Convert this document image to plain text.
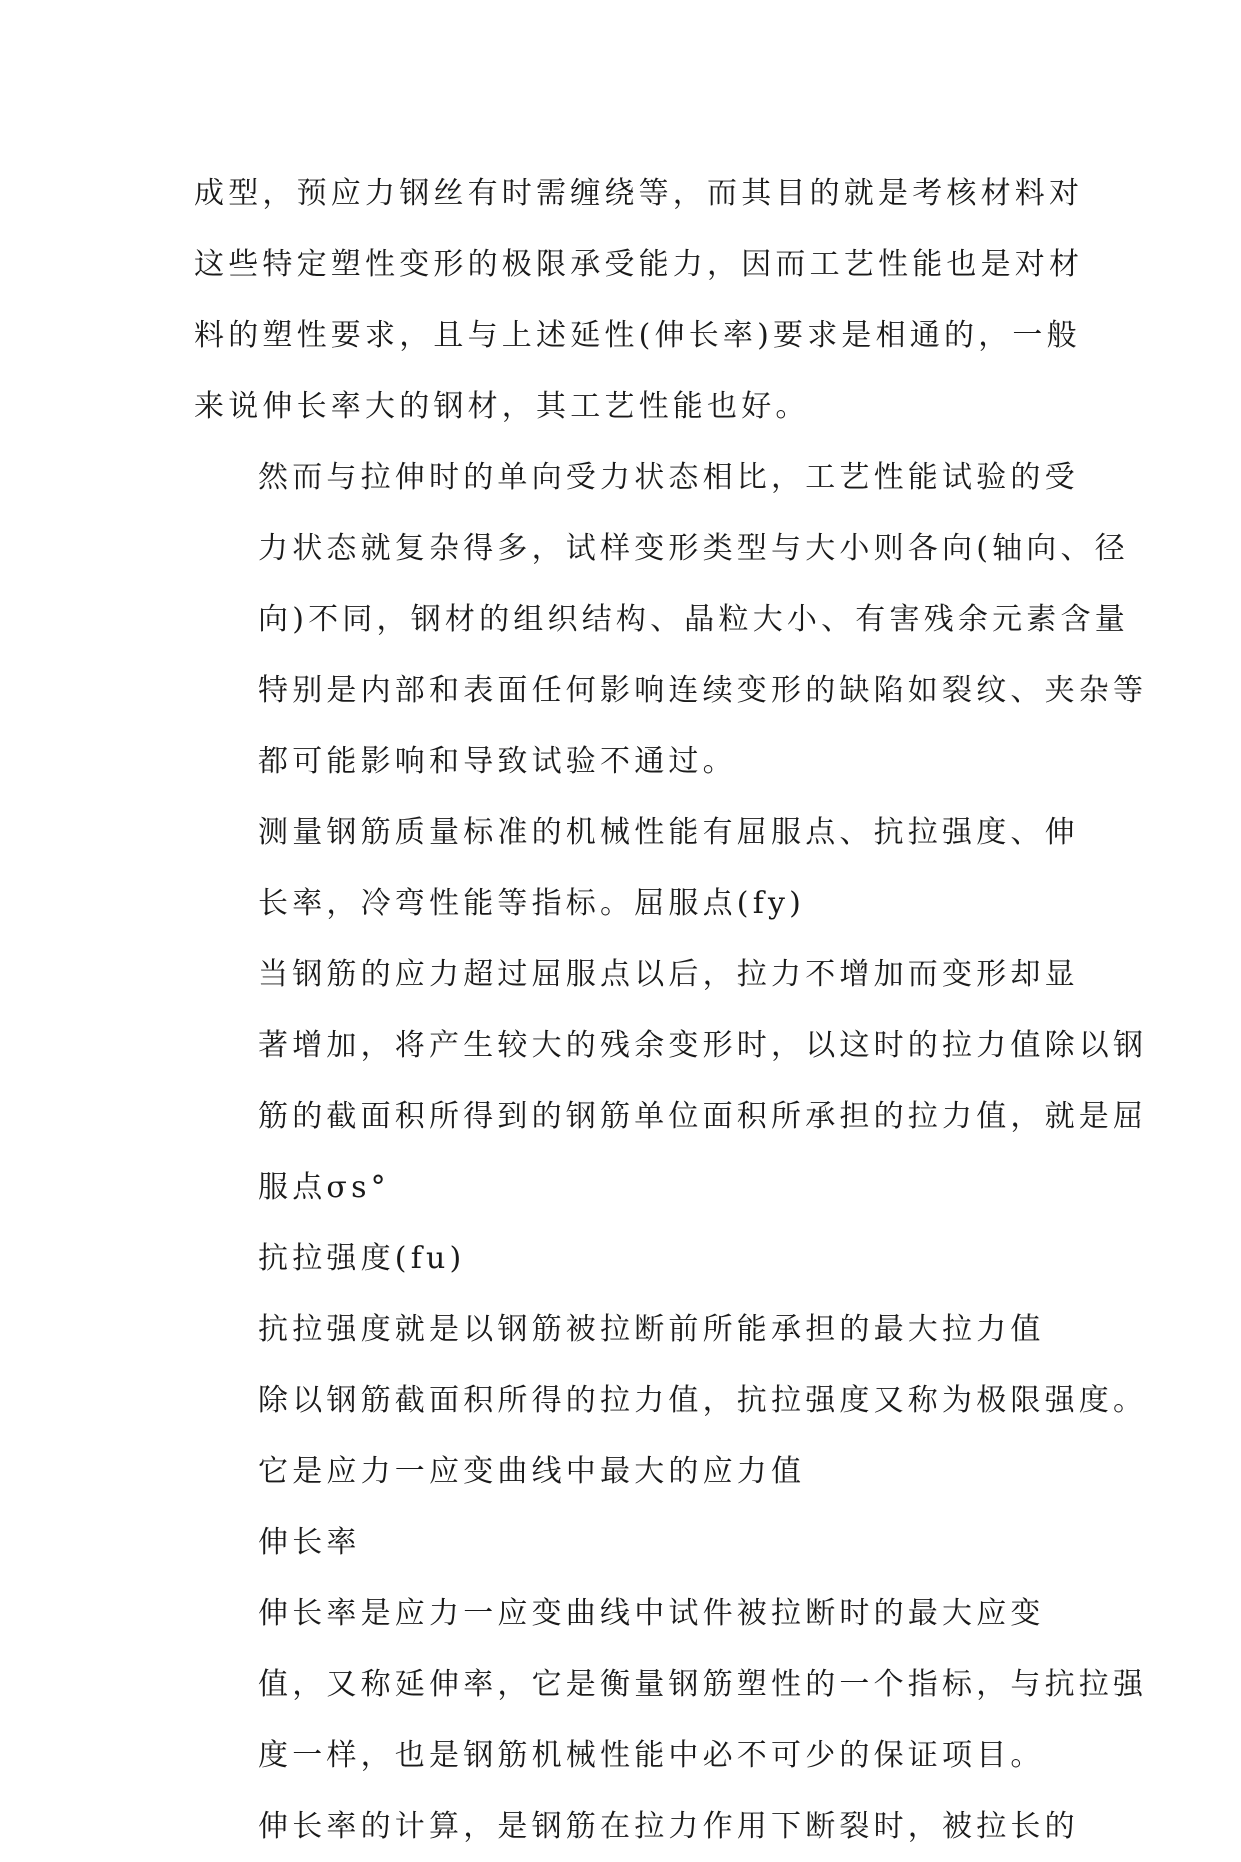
成型，预应力钢丝有时需缠绕等，而其目的就是考核材料对
这些特定塑性变形的极限承受能力，因而工艺性能也是对材
料的塑性要求，且与上述延性(伸长率)要求是相通的，一般
来说伸长率大的钢材，其工艺性能也好。
然而与拉伸时的单向受力状态相比，工艺性能试验的受
力状态就复杂得多，试样变形类型与大小则各向(轴向、径
向)不同，钢材的组织结构、晶粒大小、有害残余元素含量
特别是内部和表面任何影响连续变形的缺陷如裂纹、夹杂等
都可能影响和导致试验不通过。
测量钢筋质量标准的机械性能有屈服点、抗拉强度、伸
长率，冷弯性能等指标。屈服点(fy)
当钢筋的应力超过屈服点以后，拉力不增加而变形却显
著增加，将产生较大的残余变形时，以这时的拉力值除以钢
筋的截面积所得到的钢筋单位面积所承担的拉力值，就是屈
服点σs°
抗拉强度(fu)
抗拉强度就是以钢筋被拉断前所能承担的最大拉力值
除以钢筋截面积所得的拉力值，抗拉强度又称为极限强度。
它是应力一应变曲线中最大的应力值
伸长率
伸长率是应力一应变曲线中试件被拉断时的最大应变
值，又称延伸率，它是衡量钢筋塑性的一个指标，与抗拉强
度一样，也是钢筋机械性能中必不可少的保证项目。
伸长率的计算，是钢筋在拉力作用下断裂时，被拉长的
